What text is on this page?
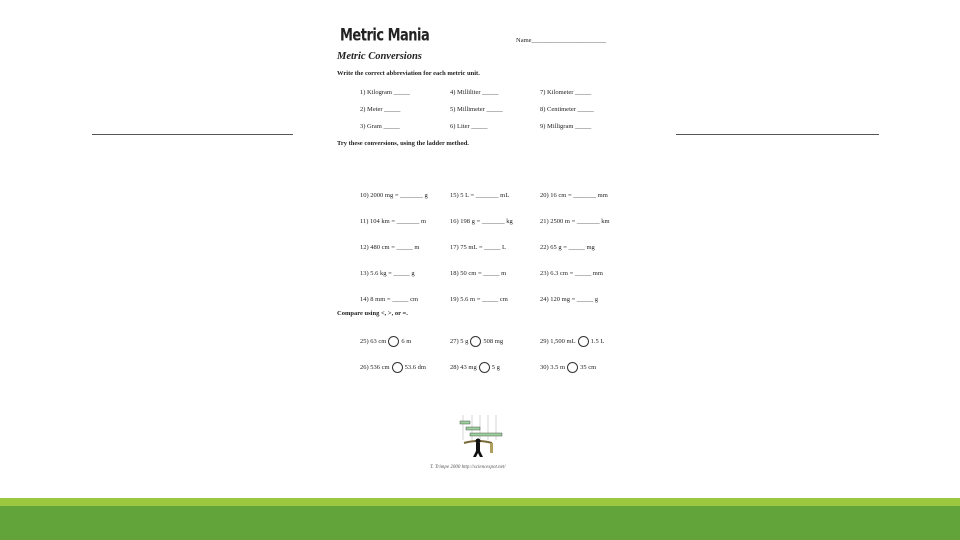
Metric Mania	Name_______________________
Metric Conversions
Write the correct abbreviation for each metric unit.
1) Kilogram _____	4) Milliliter _____	7) Kilometer _____
2) Meter _____	5) Millimeter _____	8) Centimeter _____
3) Gram _____	6) Liter _____	9) Milligram _____
Try these conversions, using the ladder method.
10) 2000 mg = _______ g	15) 5 L = _______ mL	20) 16 cm = _______ mm
11) 104 km = _______ m	16) 198 g = _______ kg	21) 2500 m = _______ km
12) 480 cm = _____ m	17) 75 mL = _____ L	22) 65 g = _____ mg
13) 5.6 kg = _____ g	18) 50 cm = _____ m	23) 6.3 cm = _____ mm
14) 8 mm = _____ cm	19) 5.6 m = _____ cm	24) 120 mg = _____ g
Compare using <, >, or =.
25) 63 cm 6 m	27) 5 g 508 mg	29) 1,500 mL 1.5 L
26) 536 cm 53.6 dm	28) 43 mg 5 g	30) 3.5 m 35 cm
T. Trimpe 2000 http://sciencespot.net/
